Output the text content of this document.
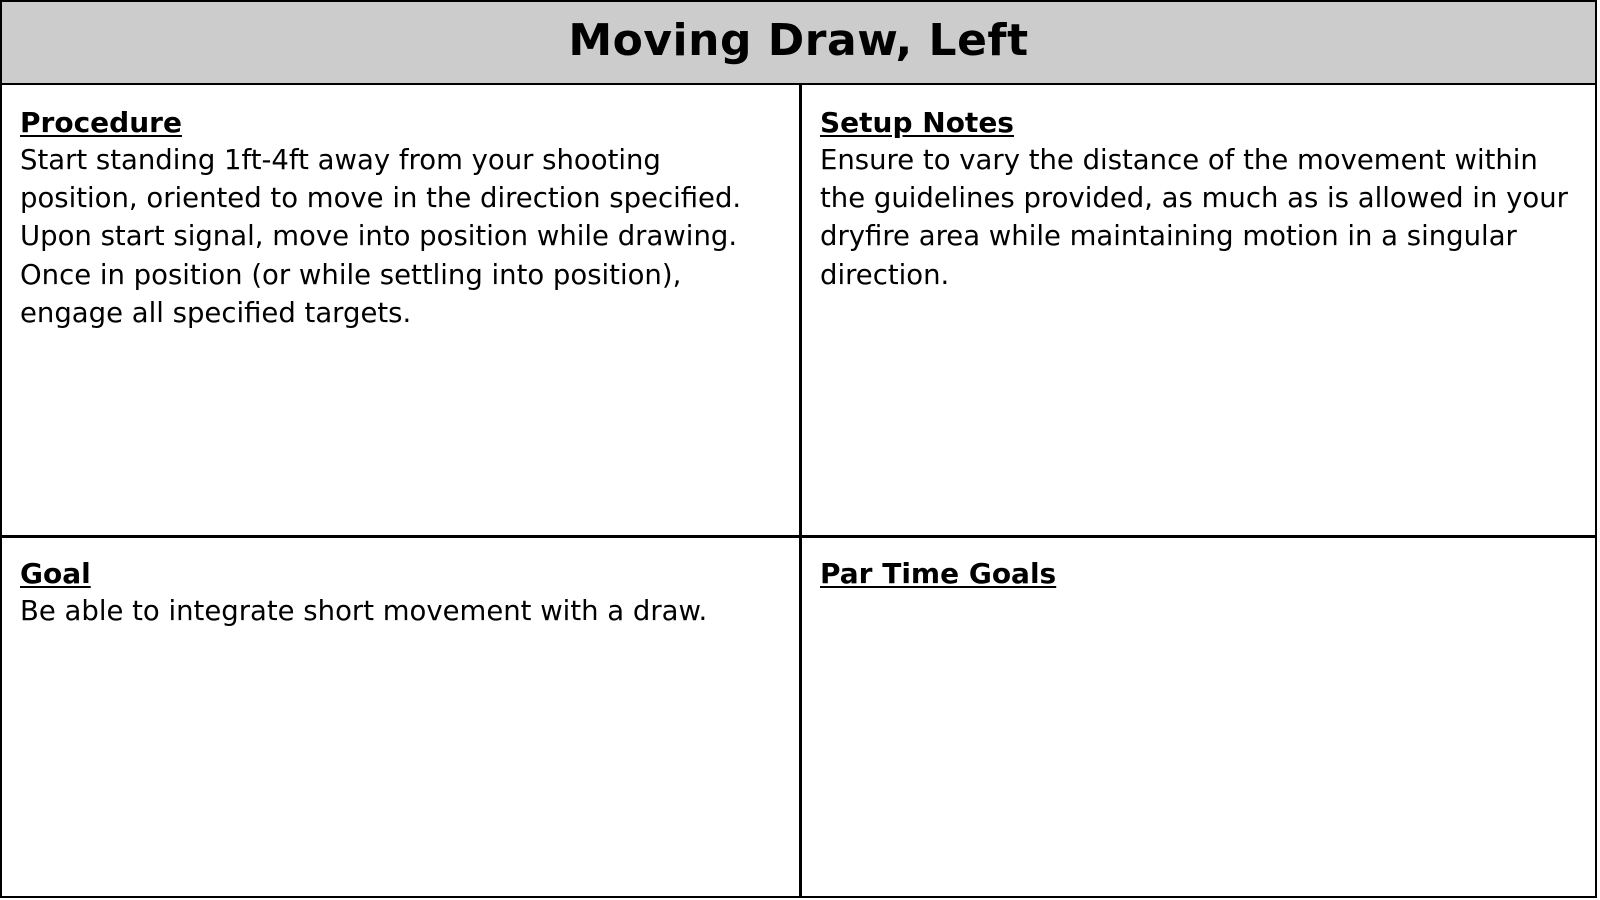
Moving Draw, Left
Procedure

Start standing 1ft-4ft away from your shooting
position, oriented to move in the direction specified.
Upon start signal, move into position while drawing.
Once in position (or while settling into position),
engage all specified targets.

Setup Notes

Ensure to vary the distance of the movement within
the guidelines provided, as much as is allowed in your
dryfire area while maintaining motion in a singular
direction.

Goal

Be able to integrate short movement with a draw.

Par Time Goals
